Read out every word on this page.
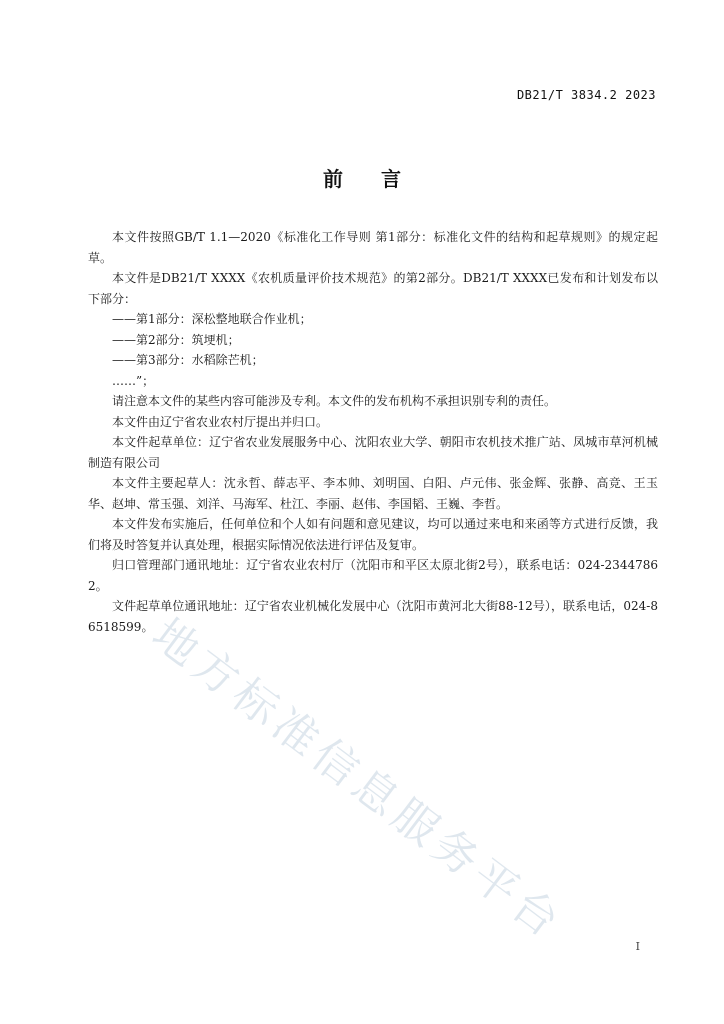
DB21/T 3834.2 2023
前言

本文件按照GB/T 1.1—2020《标准化工作导则 第1部分：标准化文件的结构和起草规则》的规定起草。

本文件是DB21/T XXXX《农机质量评价技术规范》的第2部分。DB21/T XXXX已发布和计划发布以下部分：

——第1部分：深松整地联合作业机；

——第2部分：筑埂机；

——第3部分：水稻除芒机；

……”；

请注意本文件的某些内容可能涉及专利。本文件的发布机构不承担识别专利的责任。

本文件由辽宁省农业农村厅提出并归口。

本文件起草单位：辽宁省农业发展服务中心、沈阳农业大学、朝阳市农机技术推广站、凤城市草河机械制造有限公司

本文件主要起草人：沈永哲、薛志平、李本帅、刘明国、白阳、卢元伟、张金辉、张静、高竞、王玉华、赵坤、常玉强、刘洋、马海军、杜江、李丽、赵伟、李国韬、王巍、李哲。

本文件发布实施后，任何单位和个人如有问题和意见建议，均可以通过来电和来函等方式进行反馈，我们将及时答复并认真处理，根据实际情况依法进行评估及复审。

归口管理部门通讯地址：辽宁省农业农村厅（沈阳市和平区太原北街2号），联系电话：024-23447862。

文件起草单位通讯地址：辽宁省农业机械化发展中心（沈阳市黄河北大街88-12号），联系电话，024-86518599。

地方标准信息服务平台	I
